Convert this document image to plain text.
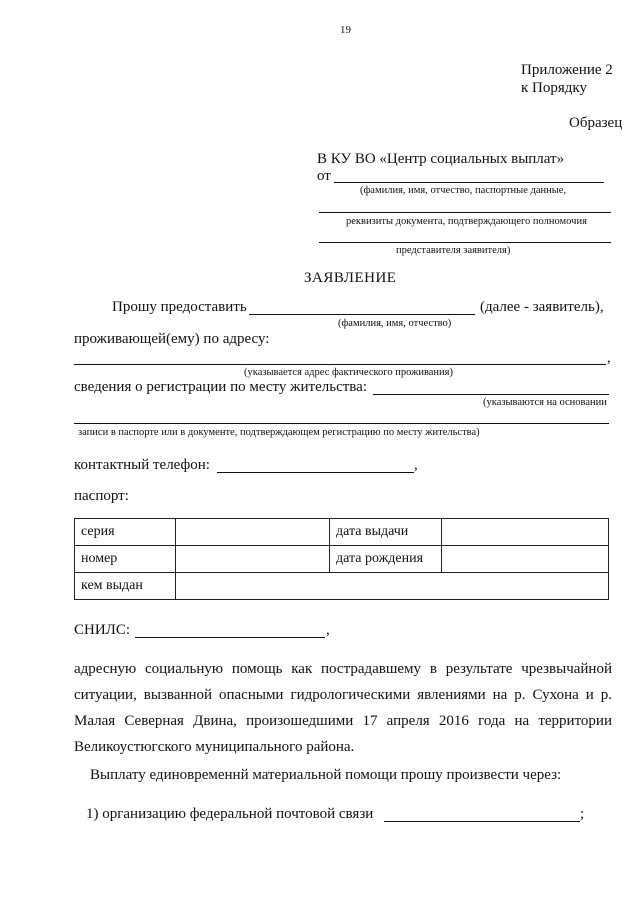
19
Приложение 2
к Порядку
Образец
В КУ ВО «Центр социальных выплат»
от
(фамилия, имя, отчество, паспортные данные,
реквизиты документа, подтверждающего полномочия
представителя заявителя)
ЗАЯВЛЕНИЕ
Прошу предоставить	(далее - заявитель),
(фамилия, имя, отчество)
проживающей(ему) по адресу:
,
(указывается адрес фактического проживания)
сведения о регистрации по месту жительства:
(указываются на основании
записи в паспорте или в документе, подтверждающем регистрацию по месту жительства)
контактный телефон:	,
паспорт:
серия		дата выдачи	
номер		дата рождения	
кем выдан			
СНИЛС:	,
адресную социальную помощь как пострадавшему в результате чрезвычайной ситуации, вызванной опасными гидрологическими явлениями на р. Сухона и р. Малая Северная Двина, произошедшими 17 апреля 2016 года на территории Великоустюгского муниципального района.
Выплату единовременнй материальной помощи прошу произвести через:
1) организацию федеральной почтовой связи	;
